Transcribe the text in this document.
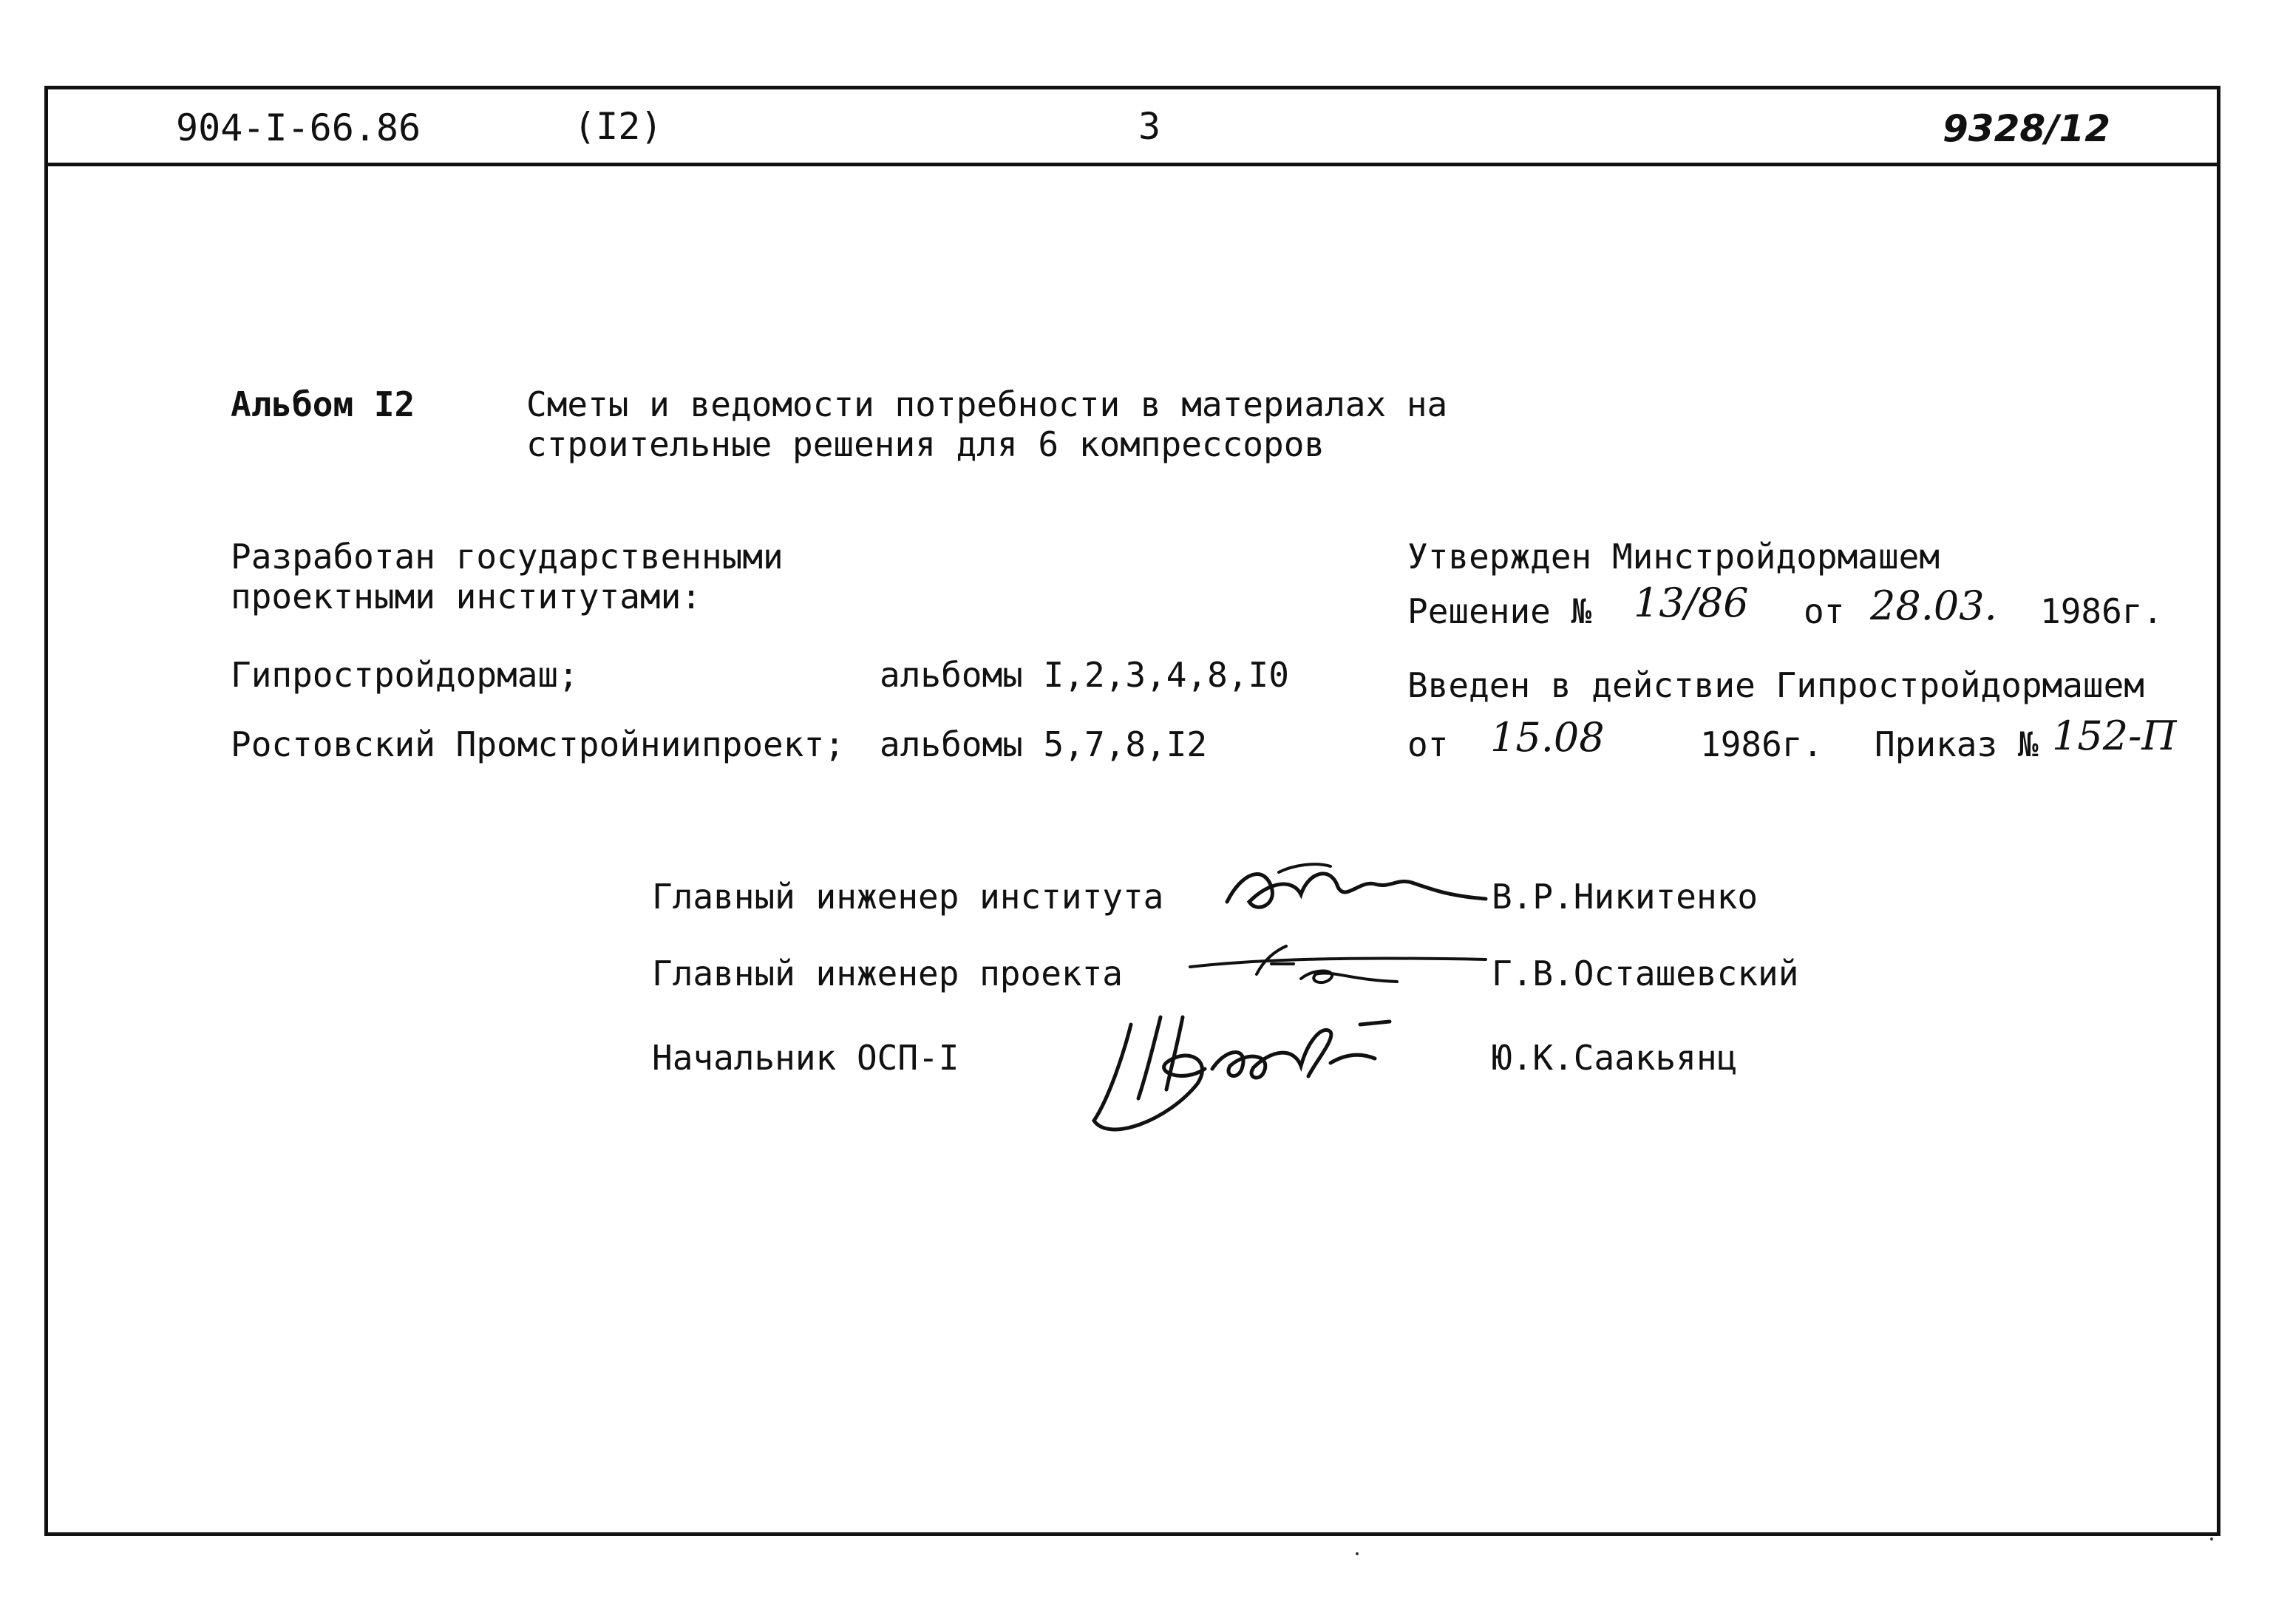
904-I-66.86	(I2)	3	9328/12
Альбом I2	Сметы и ведомости потребности в материалах на
строительные решения для 6 компрессоров
Разработан государственными
проектными институтами:
Гипростройдормаш;	альбомы I,2,3,4,8,I0
Ростовский Промстройниипроект; альбомы 5,7,8,I2
Утвержден Минстройдормашем
Решение № 13/86 от 28.03. 1986г.
Введен в действие Гипростройдормашем
от 15.08	1986г. Приказ № 152-П
Главный инженер института	В.Р.Никитенко
Главный инженер проекта	Г.В.Осташевский
Начальник ОСП-I	Ю.К.Саакьянц
